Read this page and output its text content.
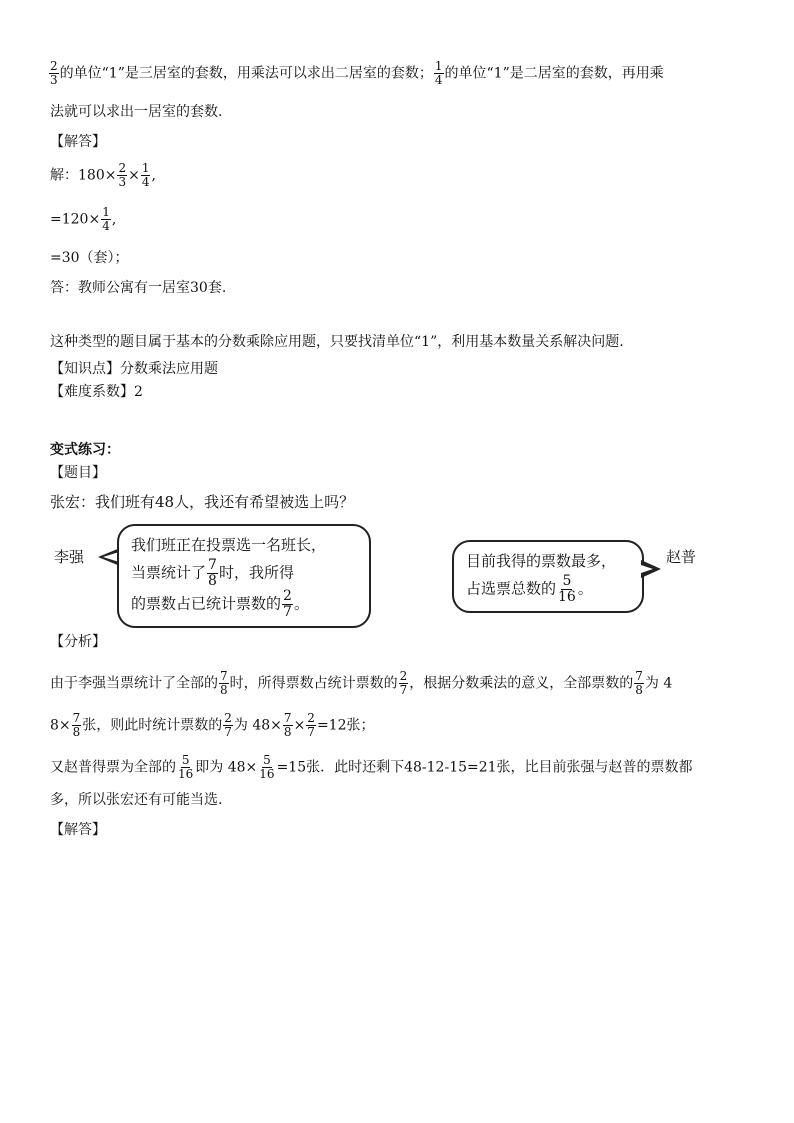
$\frac{2}{3}$ 的单位“1”是三居室的套数，用乘法可以求出二居室的套数； $\frac{1}{4}$ 的单位“1”是二居室的套数，再用乘
法就可以求出一居室的套数.
【解答】
解：$180\times \frac{2}{3} \times \frac{1}{4}$ ,
$=120\times \frac{1}{4}$ ,
=30（套）；
答：教师公寓有一居室30套.
这种类型的题目属于基本的分数乘除应用题，只要找清单位“1”，利用基本数量关系解决问题.
【知识点】分数乘法应用题
【难度系数】2
变式练习：
【题目】
张宏：我们班有48人，我还有希望被选上吗？
李强
我们班正在投票选一名班长，
当票统计了 $\frac{7}{8}$ 时，我所得
的票数占已统计票数的 $\frac{2}{7}$ 。
目前我得的票数最多，
占选票总数的 $\frac{5}{16}$ 。
赵普
【分析】
由于李强当票统计了全部的 $\frac{7}{8}$ 时，所得票数占统计票数的 $\frac{2}{7}$ ，根据分数乘法的意义，全部票数的 $\frac{7}{8}$ 为 4
$8\times \frac{7}{8}$ 张，则此时统计票数的 $\frac{2}{7}$ 为 $48\times \frac{7}{8} \times \frac{2}{7} =12$张；
又赵普得票为全部的 $\frac{5}{16}$ 即为 $48\times \frac{5}{16} =15$张．此时还剩下48-12-15=21张，比目前张强与赵普的票数都
多，所以张宏还有可能当选.
【解答】
